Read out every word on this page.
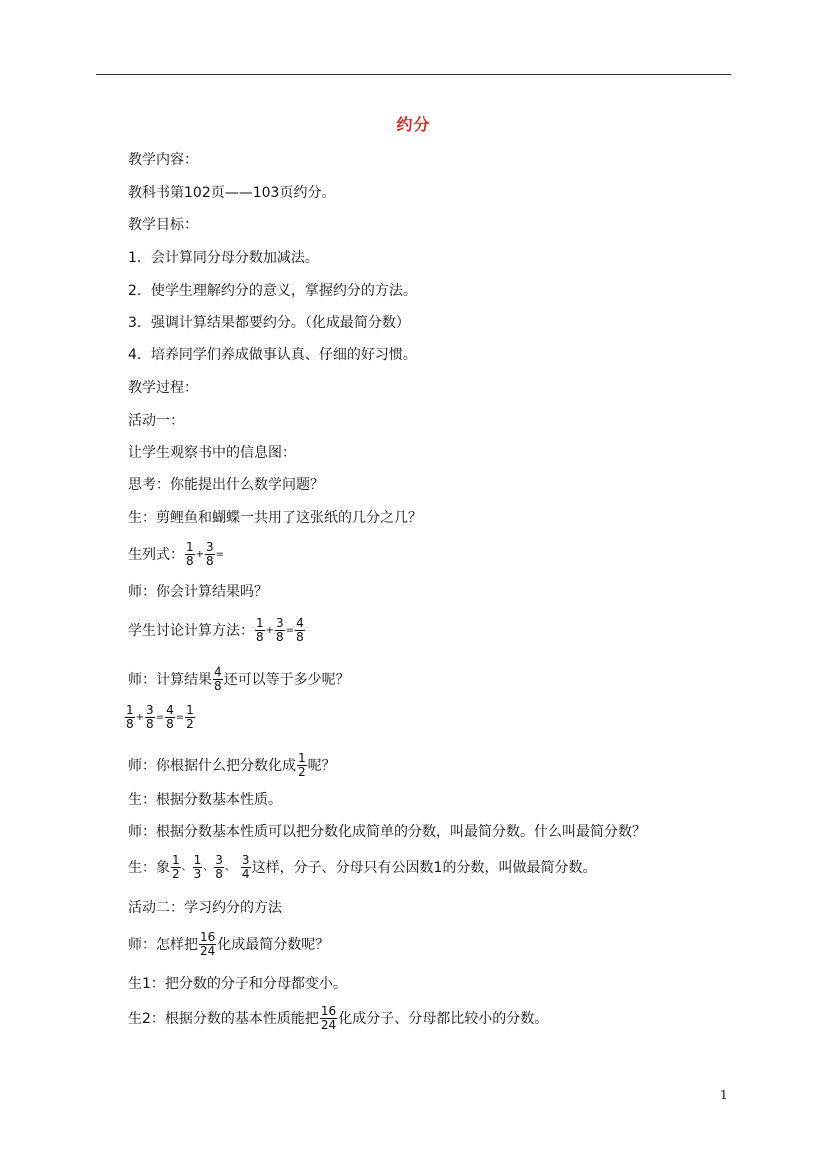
约分
教学内容：
教科书第102页——103页约分。
教学目标：
1．会计算同分母分数加减法。
2．使学生理解约分的意义，掌握约分的方法。
3．强调计算结果都要约分。（化成最简分数）
4．培养同学们养成做事认真、仔细的好习惯。
教学过程：
活动一：
让学生观察书中的信息图：
思考：你能提出什么数学问题？
生：剪鲤鱼和蝴蝶一共用了这张纸的几分之几？
生列式： $\frac{1}{8} + \frac{3}{8}$ =
师：你会计算结果吗？
学生讨论计算方法： $\frac{1}{8} + \frac{3}{8} = \frac{4}{8}$
师：计算结果 $\frac{4}{8}$ 还可以等于多少呢？
$\frac{1}{8} + \frac{3}{8} = \frac{4}{8} = \frac{1}{2}$
师：你根据什么把分数化成 $\frac{1}{2}$ 呢？
生：根据分数基本性质。
师：根据分数基本性质可以把分数化成简单的分数，叫最简分数。什么叫最简分数？
生：象 $\frac{1}{2}$ 、 $\frac{1}{3}$ 、 $\frac{3}{8}$ 、 $\frac{3}{4}$ 这样，分子、分母只有公因数1的分数，叫做最简分数。
活动二：学习约分的方法
师：怎样把 $\frac{16}{24}$ 化成最简分数呢？
生1：把分数的分子和分母都变小。
生2：根据分数的基本性质能把 $\frac{16}{24}$ 化成分子、分母都比较小的分数。
1
